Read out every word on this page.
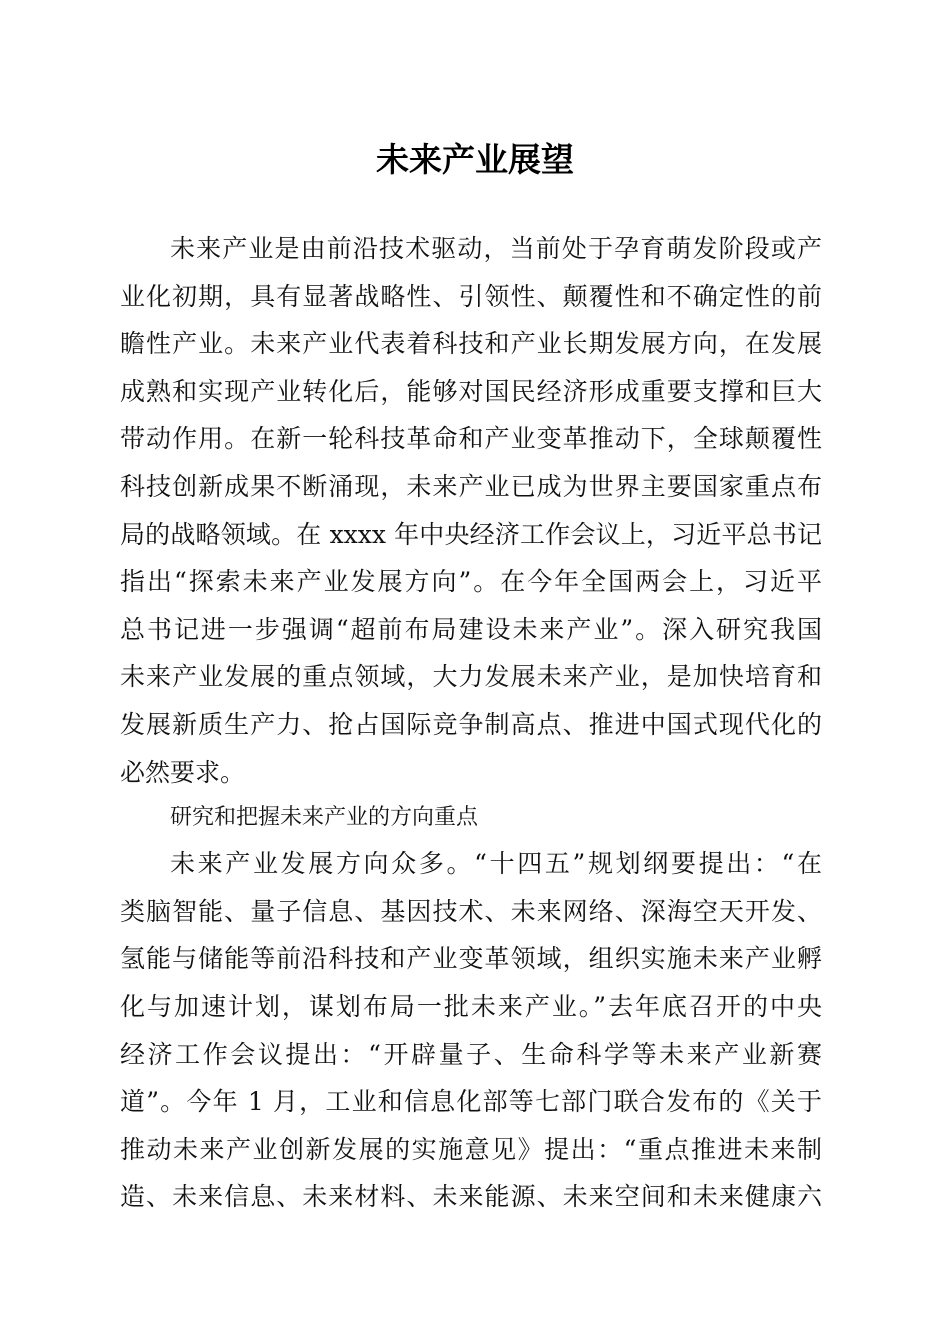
未来产业展望

未来产业是由前沿技术驱动，当前处于孕育萌发阶段或产

业化初期，具有显著战略性、引领性、颠覆性和不确定性的前

瞻性产业。未来产业代表着科技和产业长期发展方向，在发展

成熟和实现产业转化后，能够对国民经济形成重要支撑和巨大

带动作用。在新一轮科技革命和产业变革推动下，全球颠覆性

科技创新成果不断涌现，未来产业已成为世界主要国家重点布

局的战略领域。在 xxxx 年中央经济工作会议上，习近平总书记

指出“探索未来产业发展方向”。在今年全国两会上，习近平

总书记进一步强调“超前布局建设未来产业”。深入研究我国

未来产业发展的重点领域，大力发展未来产业，是加快培育和

发展新质生产力、抢占国际竞争制高点、推进中国式现代化的

必然要求。

研究和把握未来产业的方向重点

未来产业发展方向众多。“十四五”规划纲要提出：“在

类脑智能、量子信息、基因技术、未来网络、深海空天开发、

氢能与储能等前沿科技和产业变革领域，组织实施未来产业孵

化与加速计划，谋划布局一批未来产业。”去年底召开的中央

经济工作会议提出：“开辟量子、生命科学等未来产业新赛

道”。今年 1 月，工业和信息化部等七部门联合发布的《关于

推动未来产业创新发展的实施意见》提出：“重点推进未来制

造、未来信息、未来材料、未来能源、未来空间和未来健康六
